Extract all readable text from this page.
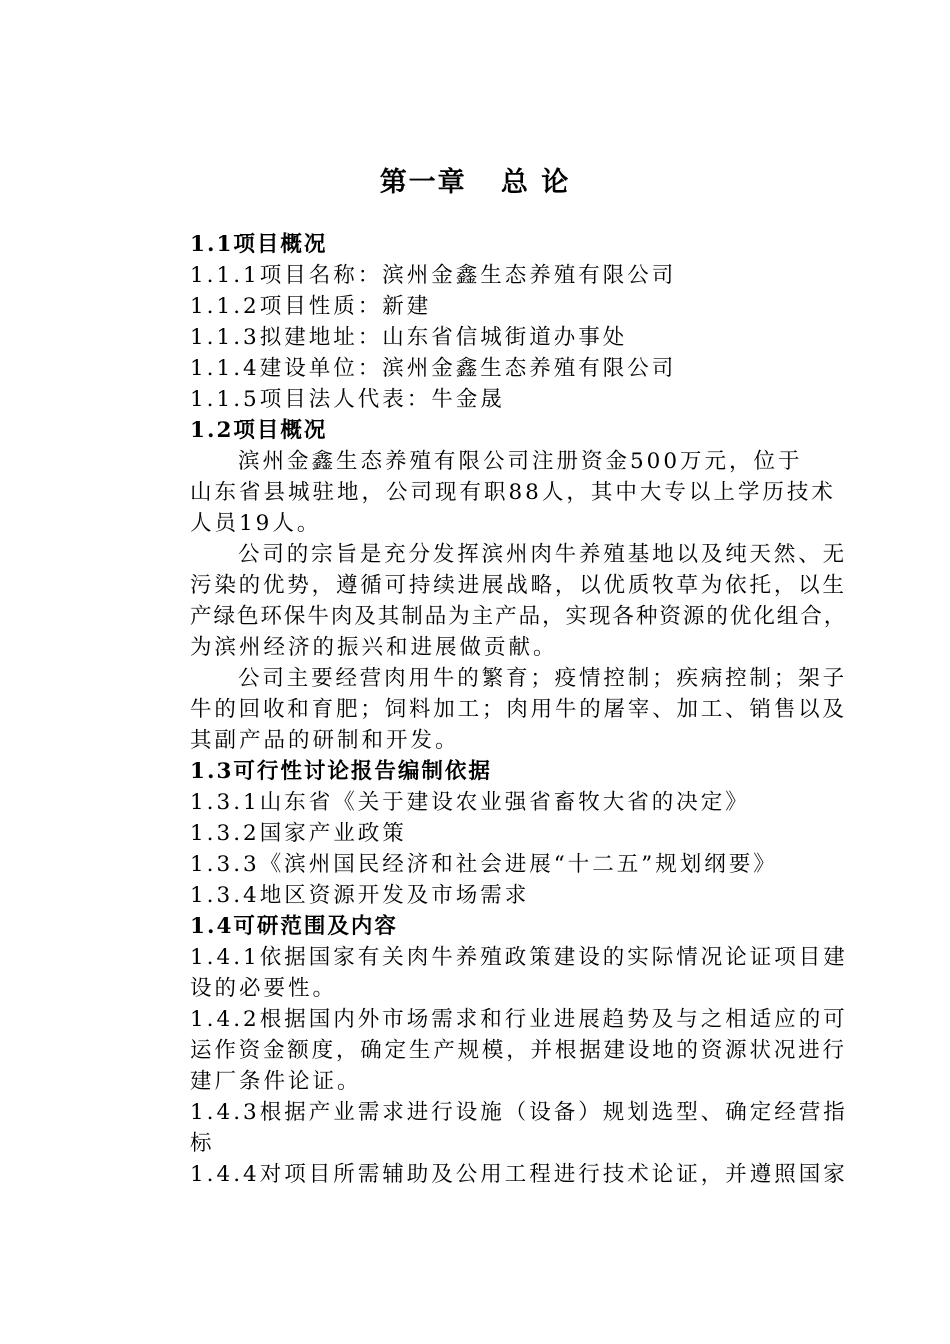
第一章   总 论
1.1项目概况
1.1.1项目名称：滨州金鑫生态养殖有限公司
1.1.2项目性质：新建
1.1.3拟建地址：山东省信城街道办事处
1.1.4建设单位：滨州金鑫生态养殖有限公司
1.1.5项目法人代表：牛金晟
1.2项目概况
滨州金鑫生态养殖有限公司注册资金500万元，位于
山东省县城驻地，公司现有职88人，其中大专以上学历技术
人员19人。
公司的宗旨是充分发挥滨州肉牛养殖基地以及纯天然、无
污染的优势，遵循可持续进展战略，以优质牧草为依托，以生
产绿色环保牛肉及其制品为主产品，实现各种资源的优化组合，
为滨州经济的振兴和进展做贡献。
公司主要经营肉用牛的繁育；疫情控制；疾病控制；架子
牛的回收和育肥；饲料加工；肉用牛的屠宰、加工、销售以及
其副产品的研制和开发。
1.3可行性讨论报告编制依据
1.3.1山东省《关于建设农业强省畜牧大省的决定》
1.3.2国家产业政策
1.3.3《滨州国民经济和社会进展“十二五”规划纲要》
1.3.4地区资源开发及市场需求
1.4可研范围及内容
1.4.1依据国家有关肉牛养殖政策建设的实际情况论证项目建
设的必要性。
1.4.2根据国内外市场需求和行业进展趋势及与之相适应的可
运作资金额度，确定生产规模，并根据建设地的资源状况进行
建厂条件论证。
1.4.3根据产业需求进行设施（设备）规划选型、确定经营指
标
1.4.4对项目所需辅助及公用工程进行技术论证，并遵照国家
